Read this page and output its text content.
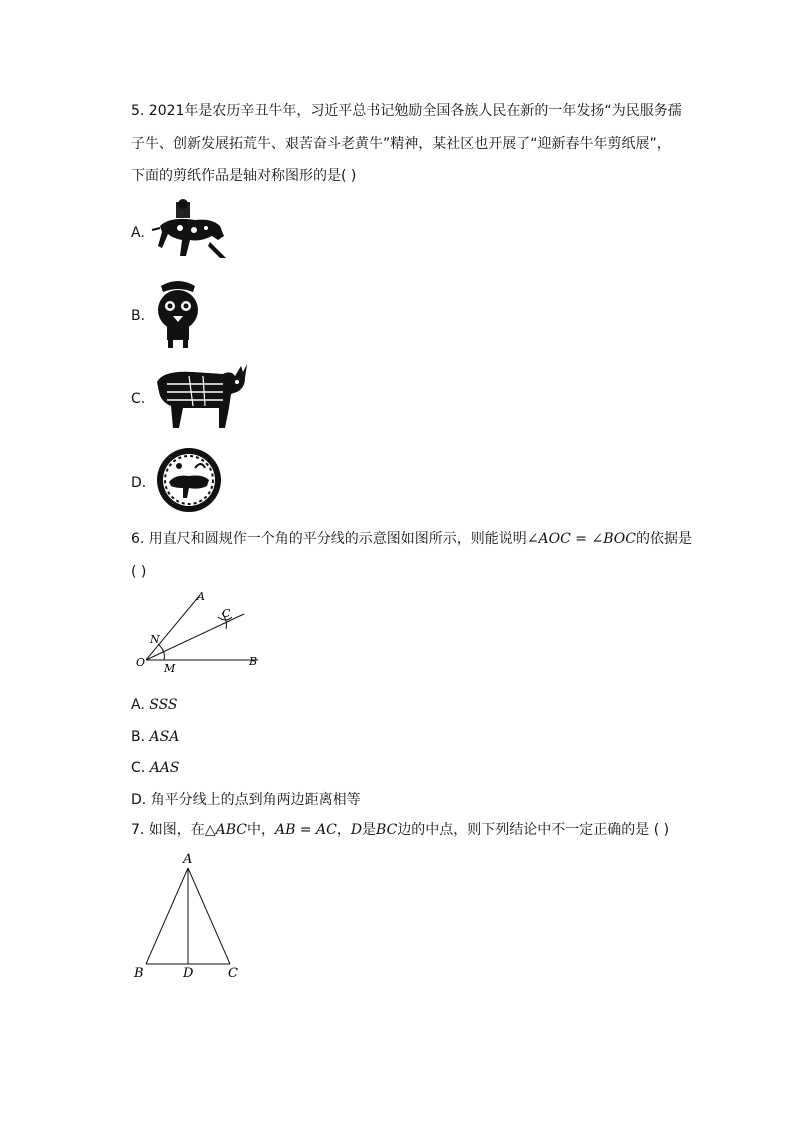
5. 2021年是农历辛丑牛年，习近平总书记勉励全国各族人民在新的一年发扬“为民服务孺
子牛、创新发展拓荒牛、艰苦奋斗老黄牛”精神，某社区也开展了“迎新春牛年剪纸展”，
下面的剪纸作品是轴对称图形的是( )
A.
B.
C.
D.
6. 用直尺和圆规作一个角的平分线的示意图如图所示，则能说明∠AOC = ∠BOC的依据是
( )
A
C
N
O M
B
A. SSS
B. ASA
C. AAS
D. 角平分线上的点到角两边距离相等
7. 如图，在△ABC中，AB = AC，D是BC边的中点，则下列结论中不一定正确的是 ( )
A
B	D	C
